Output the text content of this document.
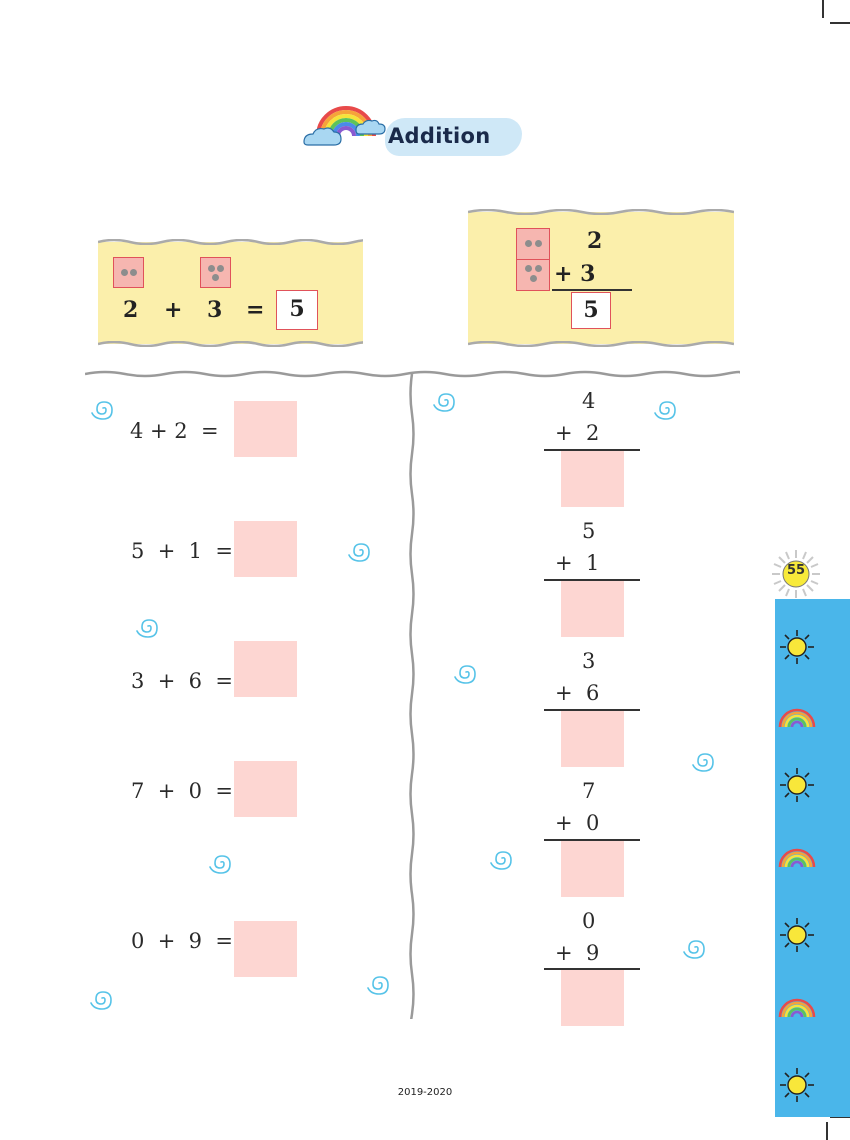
Addition
2 + 3 =	5
2
+ 3
5
4 + 2  =
5  +  1  =
3  +  6  =
7  +  0  =
0  +  9  =
4
+  2
5
+  1
3
+  6
7
+  0
0
+  9
55
2019-2020
